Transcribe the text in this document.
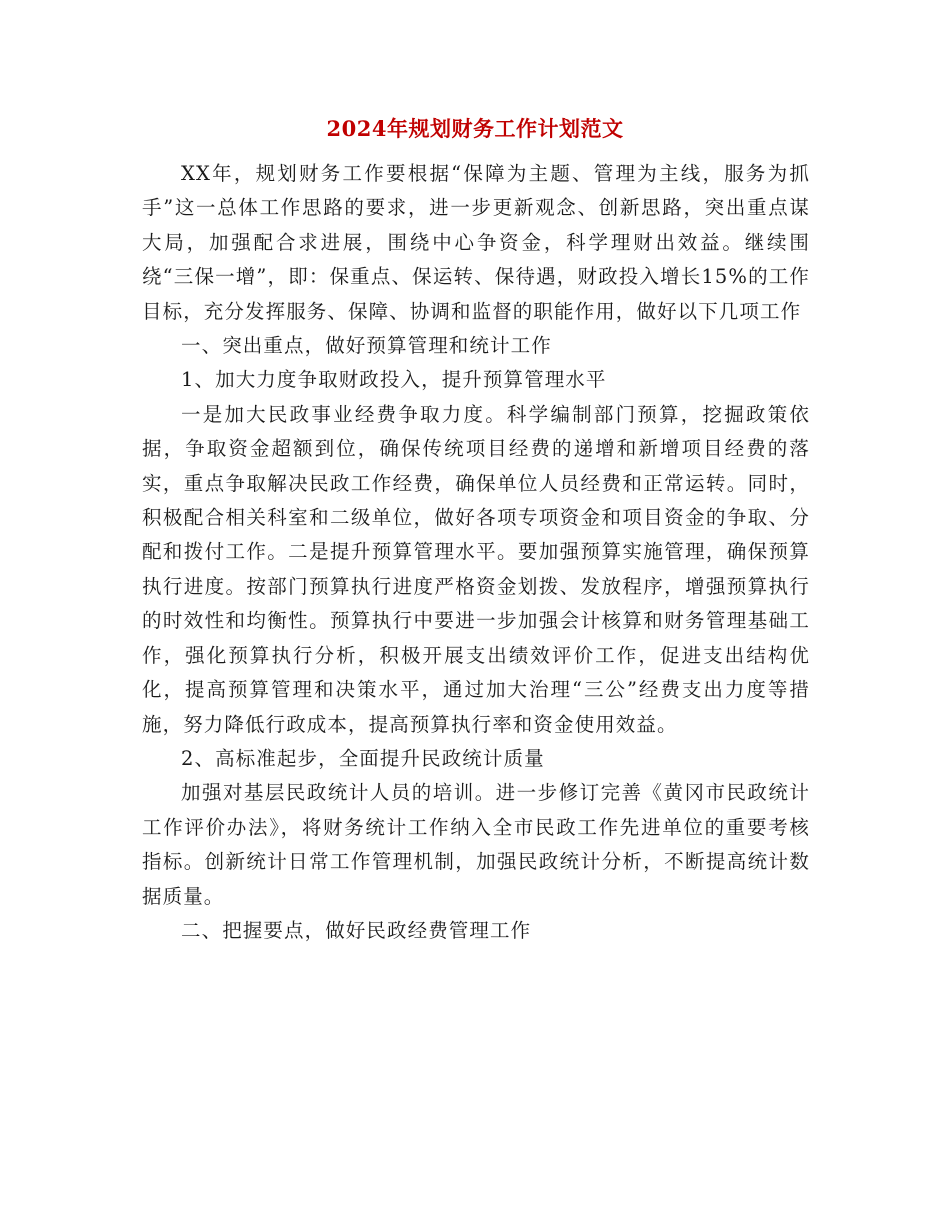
2024年规划财务工作计划范文

XX年，规划财务工作要根据“保障为主题、管理为主线，服务为抓手”这一总体工作思路的要求，进一步更新观念、创新思路，突出重点谋大局，加强配合求进展，围绕中心争资金，科学理财出效益。继续围绕“三保一增”，即：保重点、保运转、保待遇，财政投入增长15%的工作目标，充分发挥服务、保障、协调和监督的职能作用，做好以下几项工作

一、突出重点，做好预算管理和统计工作

1、加大力度争取财政投入，提升预算管理水平

一是加大民政事业经费争取力度。科学编制部门预算，挖掘政策依据，争取资金超额到位，确保传统项目经费的递增和新增项目经费的落实，重点争取解决民政工作经费，确保单位人员经费和正常运转。同时，积极配合相关科室和二级单位，做好各项专项资金和项目资金的争取、分配和拨付工作。二是提升预算管理水平。要加强预算实施管理，确保预算执行进度。按部门预算执行进度严格资金划拨、发放程序，增强预算执行的时效性和均衡性。预算执行中要进一步加强会计核算和财务管理基础工作，强化预算执行分析，积极开展支出绩效评价工作，促进支出结构优化，提高预算管理和决策水平，通过加大治理“三公”经费支出力度等措施，努力降低行政成本，提高预算执行率和资金使用效益。

2、高标准起步，全面提升民政统计质量

加强对基层民政统计人员的培训。进一步修订完善《黄冈市民政统计工作评价办法》，将财务统计工作纳入全市民政工作先进单位的重要考核指标。创新统计日常工作管理机制，加强民政统计分析，不断提高统计数据质量。

二、把握要点，做好民政经费管理工作
